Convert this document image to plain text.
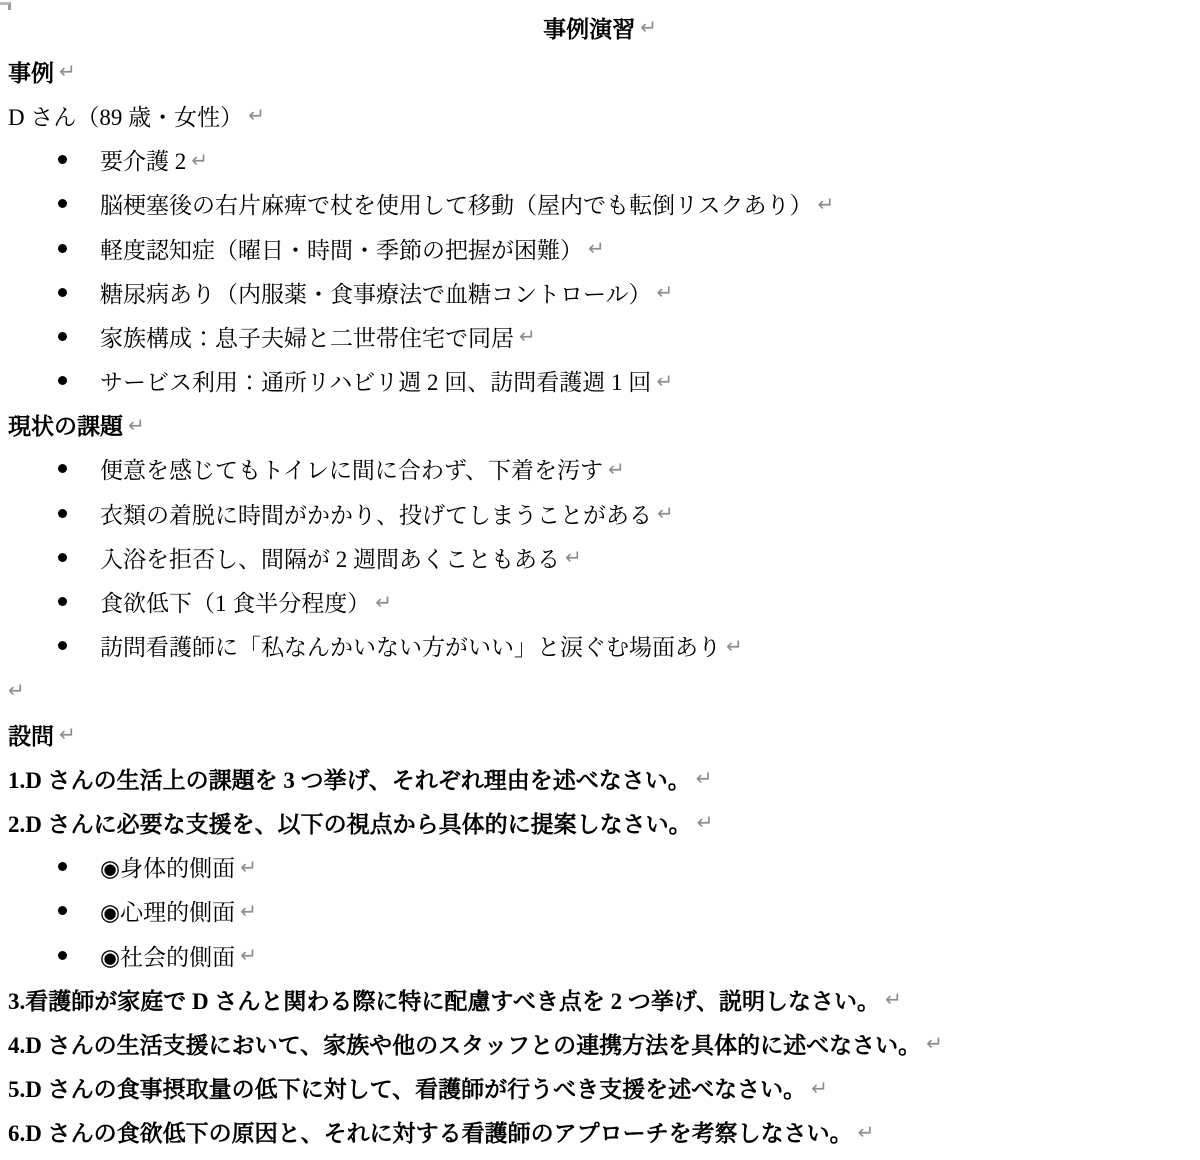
事例演習 ↵
事例 ↵
D さん（89 歳・女性） ↵
要介護 2 ↵
脳梗塞後の右片麻痺で杖を使用して移動（屋内でも転倒リスクあり） ↵
軽度認知症（曜日・時間・季節の把握が困難） ↵
糖尿病あり（内服薬・食事療法で血糖コントロール） ↵
家族構成：息子夫婦と二世帯住宅で同居 ↵
サービス利用：通所リハビリ週 2 回、訪問看護週 1 回 ↵
現状の課題 ↵
便意を感じてもトイレに間に合わず、下着を汚す ↵
衣類の着脱に時間がかかり、投げてしまうことがある ↵
入浴を拒否し、間隔が 2 週間あくこともある ↵
食欲低下（1 食半分程度） ↵
訪問看護師に「私なんかいない方がいい」と涙ぐむ場面あり ↵
↵
設問 ↵
1.D さんの生活上の課題を 3 つ挙げ、それぞれ理由を述べなさい。 ↵
2.D さんに必要な支援を、以下の視点から具体的に提案しなさい。 ↵
◉身体的側面 ↵
◉心理的側面 ↵
◉社会的側面 ↵
3.看護師が家庭で D さんと関わる際に特に配慮すべき点を 2 つ挙げ、説明しなさい。 ↵
4.D さんの生活支援において、家族や他のスタッフとの連携方法を具体的に述べなさい。 ↵
5.D さんの食事摂取量の低下に対して、看護師が行うべき支援を述べなさい。 ↵
6.D さんの食欲低下の原因と、それに対する看護師のアプローチを考察しなさい。 ↵
